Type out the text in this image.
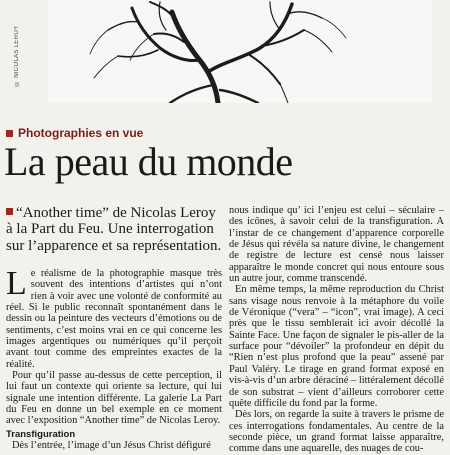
© NICOLAS LEROY
Photographies en vue
La peau du monde
“Another time” de Nicolas Leroy à la Part du Feu. Une interrogation sur l’apparence et sa représentation.

Le réalisme de la photographie masque très souvent des intentions d’artistes qui n’ont rien à voir avec une volonté de conformité au réel. Si le public reconnaît spontanément dans le dessin ou la peinture des vecteurs d’émotions ou de sentiments, c’est moins vrai en ce qui concerne les images argentiques ou numériques qu’il perçoit avant tout comme des empreintes exactes de la réalité.

Pour qu’il passe au-dessus de cette perception, il lui faut un contexte qui oriente sa lecture, qui lui signale une intention différente. La galerie La Part du Feu en donne un bel exemple en ce moment avec l’exposition “Another time” de Nicolas Leroy.

Transfiguration

Dès l’entrée, l’image d’un Jésus Christ défiguré

nous indique qu’ ici l’enjeu est celui – séculaire – des icônes, à savoir celui de la transfiguration. A l’instar de ce changement d’apparence corporelle de Jésus qui révéla sa nature divine, le changement de registre de lecture est censé nous laisser apparaître le monde concret qui nous entoure sous un autre jour, comme transcendé.

En même temps, la même reproduction du Christ sans visage nous renvoie à la métaphore du voile de Véronique (“vera” – “icon”, vrai image). A ceci près que le tissu semblerait ici avoir décollé la Sainte Face. Une façon de signaler le pis-aller de la surface pour “dévoiler” la profondeur en dépit du “Rien n’est plus profond que la peau” assené par Paul Valéry. Le tirage en grand format exposé en vis-à-vis d’un arbre déraciné – littéralement décollé de son substrat – vient d’ailleurs corroborer cette quête difficile du fond par la forme.

Dès lors, on regarde la suite à travers le prisme de ces interrogations fondamentales. Au centre de la seconde pièce, un grand format laisse apparaître, comme dans une aquarelle, des nuages de cou-
